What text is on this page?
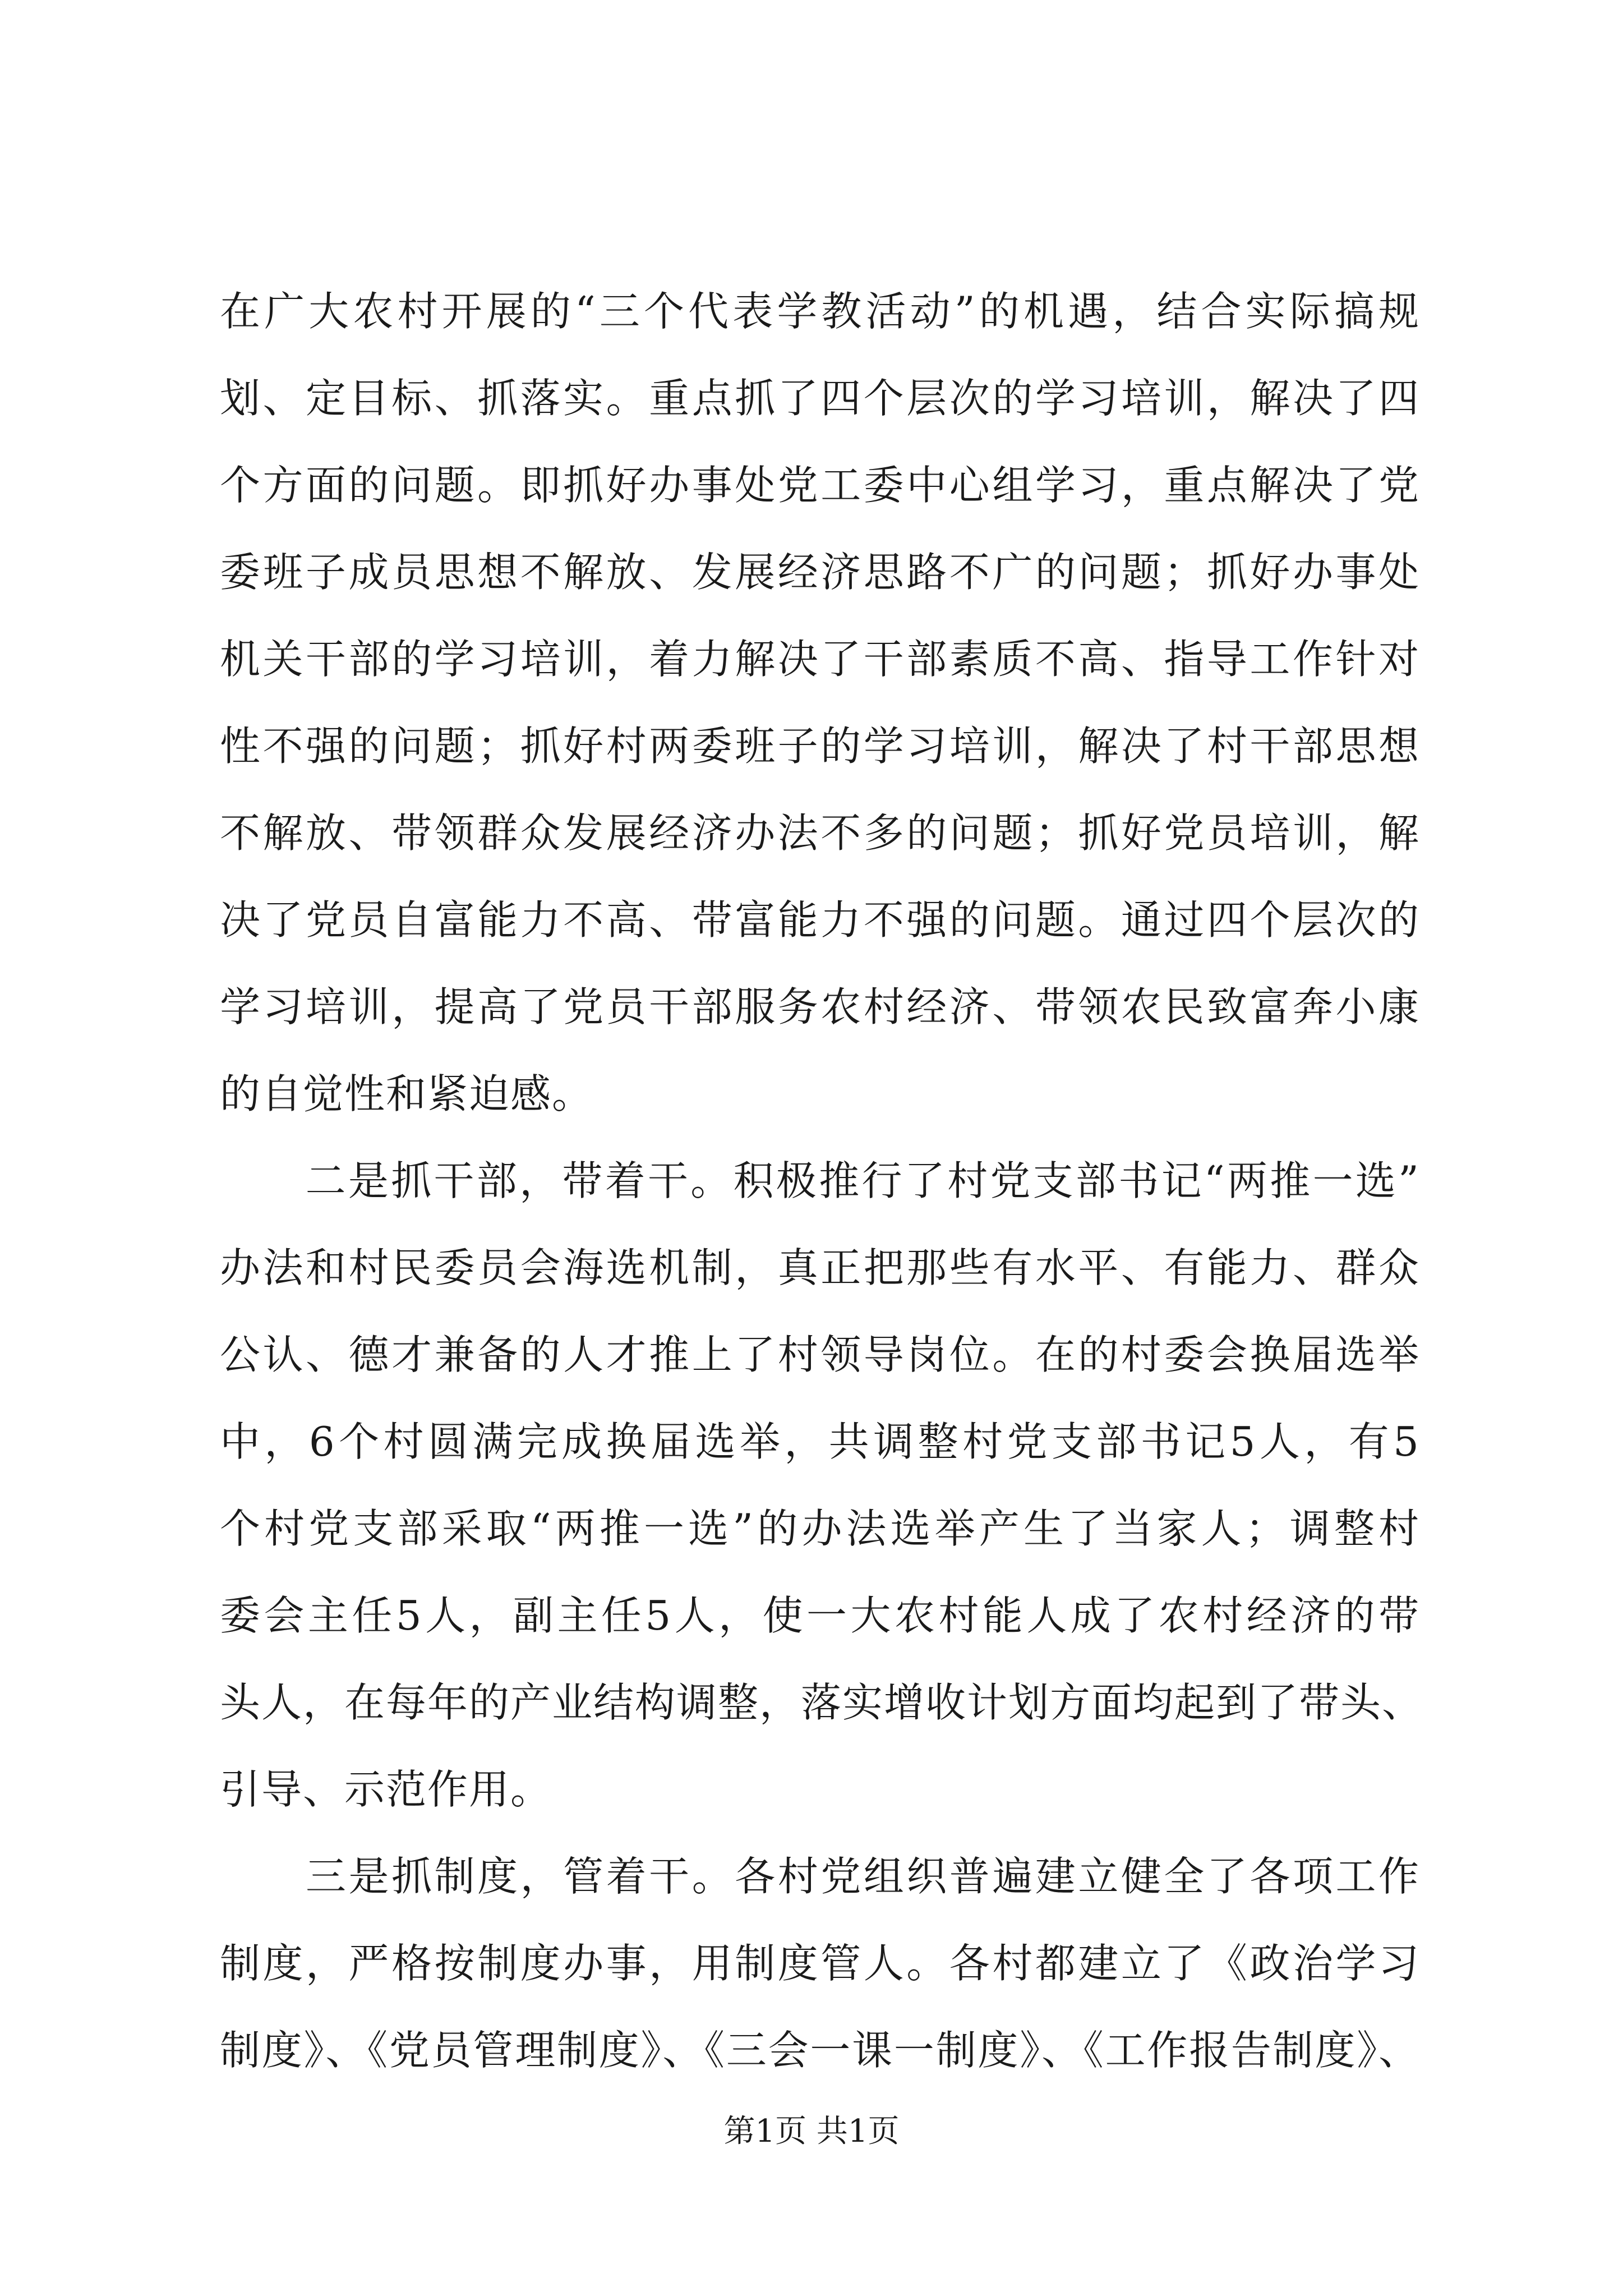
在广大农村开展的“三个代表学教活动”的机遇，结合实际搞规
划、定目标、抓落实。重点抓了四个层次的学习培训，解决了四
个方面的问题。即抓好办事处党工委中心组学习，重点解决了党
委班子成员思想不解放、发展经济思路不广的问题；抓好办事处
机关干部的学习培训，着力解决了干部素质不高、指导工作针对
性不强的问题；抓好村两委班子的学习培训，解决了村干部思想
不解放、带领群众发展经济办法不多的问题；抓好党员培训，解
决了党员自富能力不高、带富能力不强的问题。通过四个层次的
学习培训，提高了党员干部服务农村经济、带领农民致富奔小康
的自觉性和紧迫感。
　　二是抓干部，带着干。积极推行了村党支部书记“两推一选”
办法和村民委员会海选机制，真正把那些有水平、有能力、群众
公认、德才兼备的人才推上了村领导岗位。在的村委会换届选举
中，6个村圆满完成换届选举，共调整村党支部书记5人，有5
个村党支部采取“两推一选”的办法选举产生了当家人；调整村
委会主任5人，副主任5人，使一大农村能人成了农村经济的带
头人，在每年的产业结构调整，落实增收计划方面均起到了带头、
引导、示范作用。
　　三是抓制度，管着干。各村党组织普遍建立健全了各项工作
制度，严格按制度办事，用制度管人。各村都建立了《政治学习
制度》、《党员管理制度》、《三会一课一制度》、《工作报告制度》、
第1页 共1页
